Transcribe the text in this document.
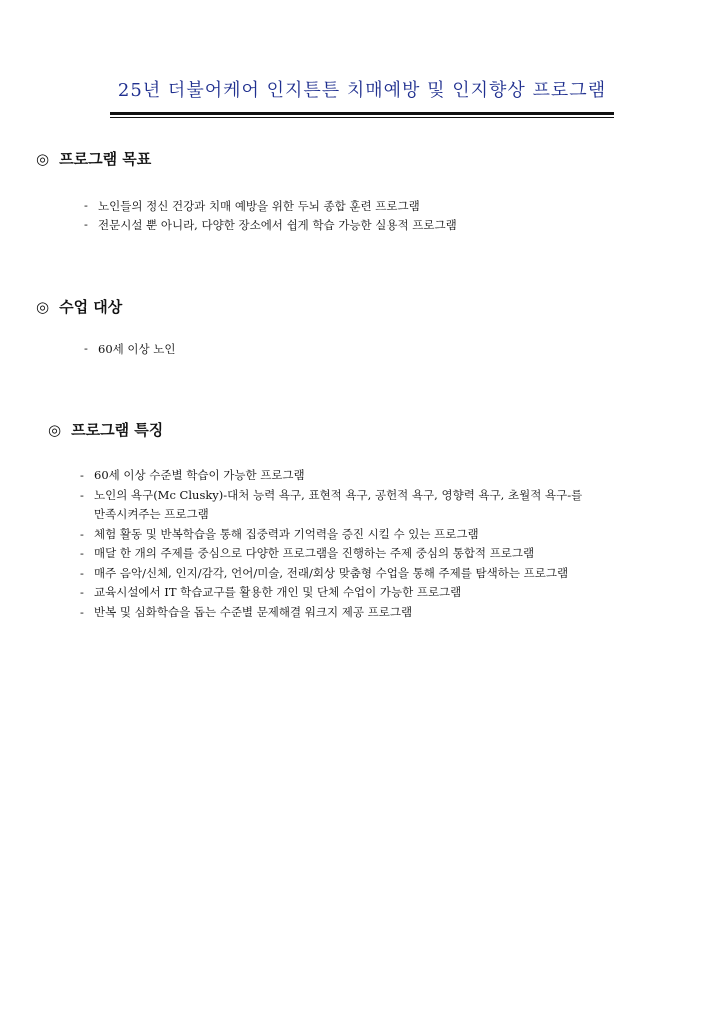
25년 더불어케어 인지튼튼 치매예방 및 인지향상 프로그램
◎ 프로그램 목표
- 노인들의 정신 건강과 치매 예방을 위한 두뇌 종합 훈련 프로그램
- 전문시설 뿐 아니라, 다양한 장소에서 쉽게 학습 가능한 실용적 프로그램
◎ 수업 대상
- 60세 이상 노인
◎ 프로그램 특징
- 60세 이상 수준별 학습이 가능한 프로그램
- 노인의 욕구(Mc Clusky)-대처 능력 욕구, 표현적 욕구, 공헌적 욕구, 영향력 욕구, 초월적 욕구-를
만족시켜주는 프로그램
- 체험 활동 및 반복학습을 통해 집중력과 기억력을 증진 시킬 수 있는 프로그램
- 매달 한 개의 주제를 중심으로 다양한 프로그램을 진행하는 주제 중심의 통합적 프로그램
- 매주 음악/신체, 인지/감각, 언어/미술, 전래/회상 맞춤형 수업을 통해 주제를 탐색하는 프로그램
- 교육시설에서 IT 학습교구를 활용한 개인 및 단체 수업이 가능한 프로그램
- 반복 및 심화학습을 돕는 수준별 문제해결 워크지 제공 프로그램
